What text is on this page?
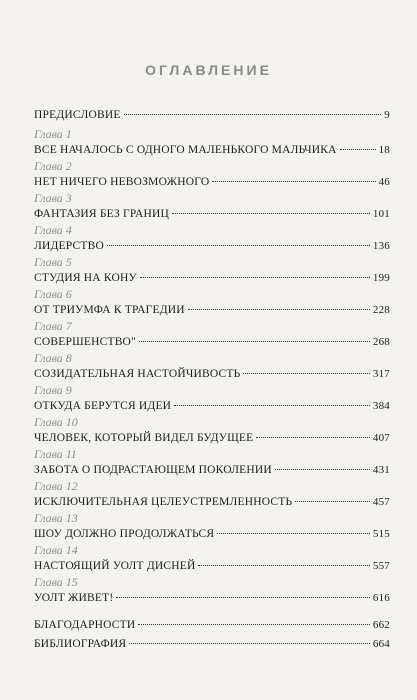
ОГЛАВЛЕНИЕ
ПРЕДИСЛОВИЕ	9
Глава 1
ВСЕ НАЧАЛОСЬ С ОДНОГО МАЛЕНЬКОГО МАЛЬЧИКА	18
Глава 2
НЕТ НИЧЕГО НЕВОЗМОЖНОГО	46
Глава 3
ФАНТАЗИЯ БЕЗ ГРАНИЦ	101
Глава 4
ЛИДЕРСТВО	136
Глава 5
СТУДИЯ НА КОНУ	199
Глава 6
ОТ ТРИУМФА К ТРАГЕДИИ	228
Глава 7
СОВЕРШЕНСТВО"	268
Глава 8
СОЗИДАТЕЛЬНАЯ НАСТОЙЧИВОСТЬ	317
Глава 9
ОТКУДА БЕРУТСЯ ИДЕИ	384
Глава 10
ЧЕЛОВЕК, КОТОРЫЙ ВИДЕЛ БУДУЩЕЕ	407
Глава 11
ЗАБОТА О ПОДРАСТАЮЩЕМ ПОКОЛЕНИИ	431
Глава 12
ИСКЛЮЧИТЕЛЬНАЯ ЦЕЛЕУСТРЕМЛЕННОСТЬ	457
Глава 13
ШОУ ДОЛЖНО ПРОДОЛЖАТЬСЯ	515
Глава 14
НАСТОЯЩИЙ УОЛТ ДИСНЕЙ	557
Глава 15
УОЛТ ЖИВЕТ!	616
БЛАГОДАРНОСТИ	662
БИБЛИОГРАФИЯ	664
